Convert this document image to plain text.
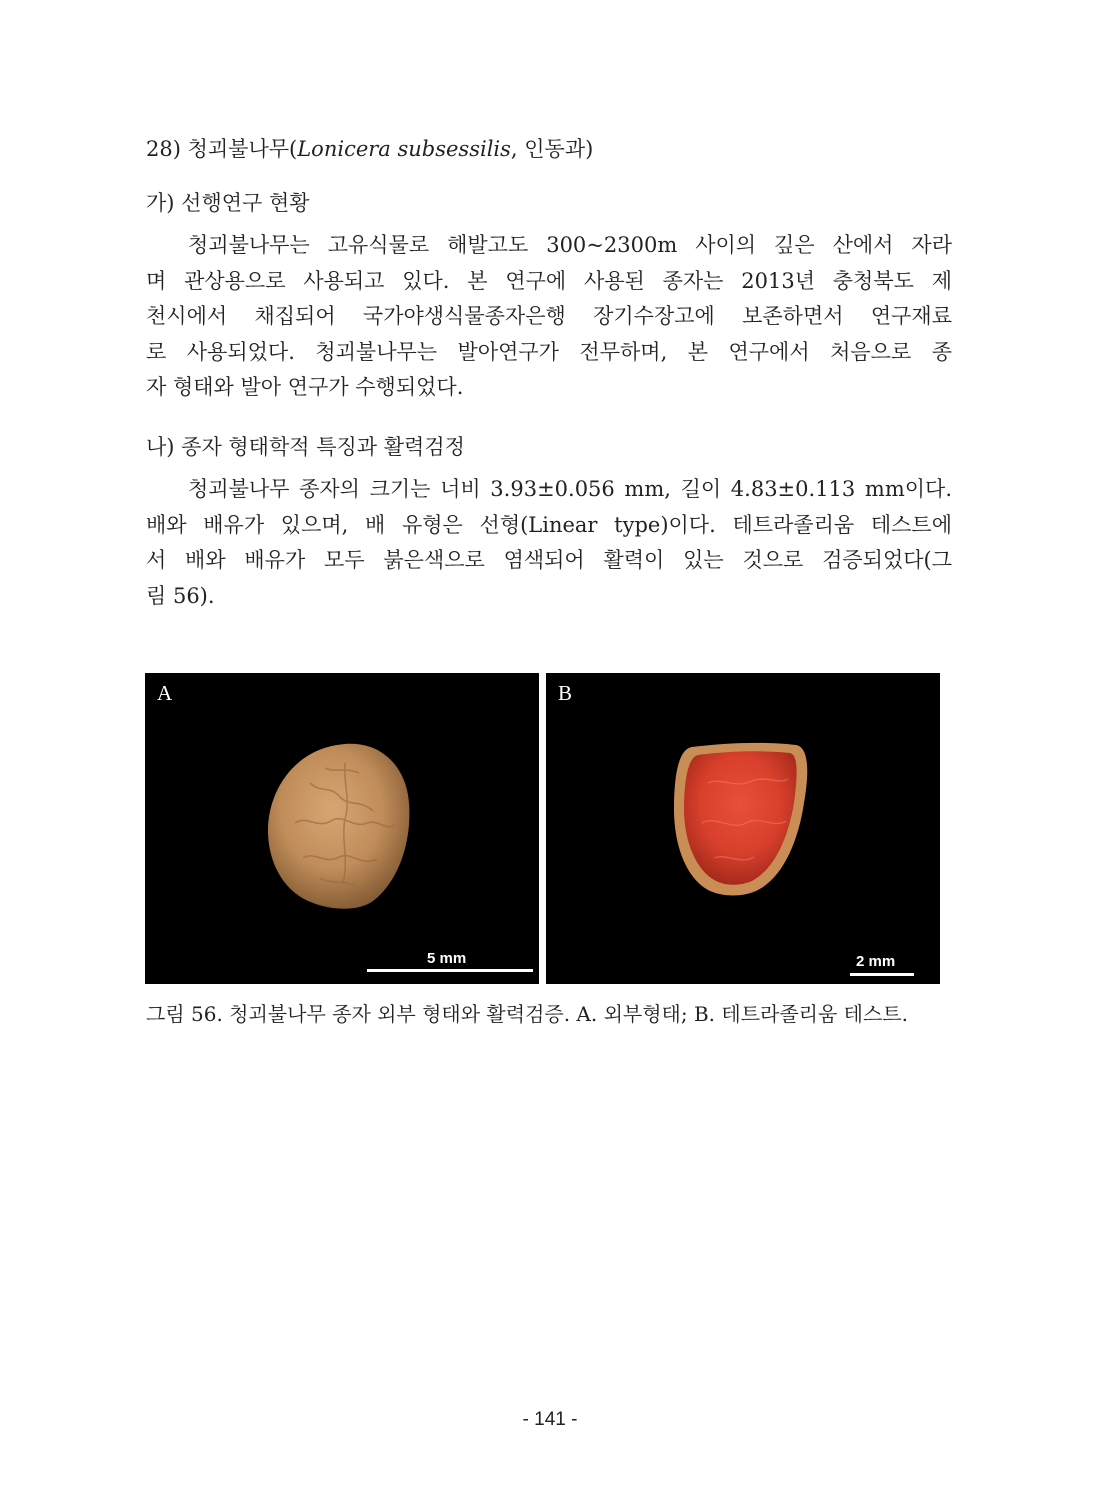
28) 청괴불나무(Lonicera subsessilis, 인동과)
가) 선행연구 현황
청괴불나무는 고유식물로 해발고도 300~2300m 사이의 깊은 산에서 자라
며 관상용으로 사용되고 있다. 본 연구에 사용된 종자는 2013년 충청북도 제
천시에서 채집되어 국가야생식물종자은행 장기수장고에 보존하면서 연구재료
로 사용되었다. 청괴불나무는 발아연구가 전무하며, 본 연구에서 처음으로 종
자 형태와 발아 연구가 수행되었다.
나) 종자 형태학적 특징과 활력검정
청괴불나무 종자의 크기는 너비 3.93±0.056 mm, 길이 4.83±0.113 mm이다.
배와 배유가 있으며, 배 유형은 선형(Linear type)이다. 테트라졸리움 테스트에
서 배와 배유가 모두 붉은색으로 염색되어 활력이 있는 것으로 검증되었다(그
림 56).
A
5 mm
B
2 mm
그림 56. 청괴불나무 종자 외부 형태와 활력검증. A. 외부형태; B. 테트라졸리움 테스트.
- 141 -
